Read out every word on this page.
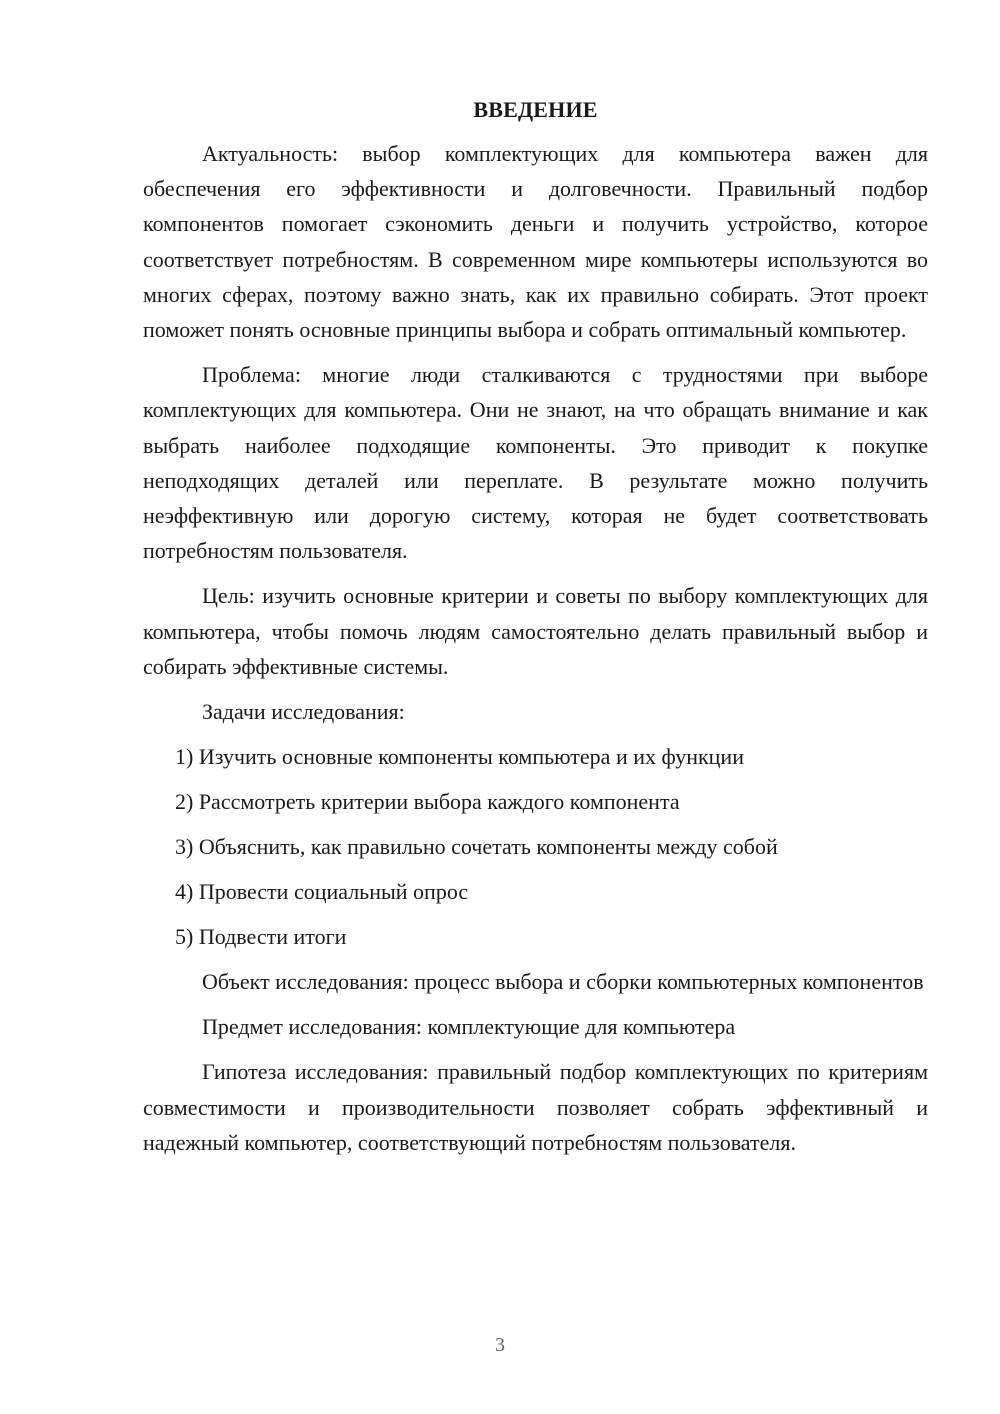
ВВЕДЕНИЕ

Актуальность: выбор комплектующих для компьютера важен для обеспечения его эффективности и долговечности. Правильный подбор компонентов помогает сэкономить деньги и получить устройство, которое соответствует потребностям. В современном мире компьютеры используются во многих сферах, поэтому важно знать, как их правильно собирать. Этот проект поможет понять основные принципы выбора и собрать оптимальный компьютер.

Проблема: многие люди сталкиваются с трудностями при выборе комплектующих для компьютера. Они не знают, на что обращать внимание и как выбрать наиболее подходящие компоненты. Это приводит к покупке неподходящих деталей или переплате. В результате можно получить неэффективную или дорогую систему, которая не будет соответствовать потребностям пользователя.

Цель: изучить основные критерии и советы по выбору комплектующих для компьютера, чтобы помочь людям самостоятельно делать правильный выбор и собирать эффективные системы.

Задачи исследования:

1) Изучить основные компоненты компьютера и их функции
2) Рассмотреть критерии выбора каждого компонента
3) Объяснить, как правильно сочетать компоненты между собой
4) Провести социальный опрос
5) Подвести итоги

Объект исследования: процесс выбора и сборки компьютерных компонентов

Предмет исследования: комплектующие для компьютера

Гипотеза исследования: правильный подбор комплектующих по критериям совместимости и производительности позволяет собрать эффективный и надежный компьютер, соответствующий потребностям пользователя.

3
